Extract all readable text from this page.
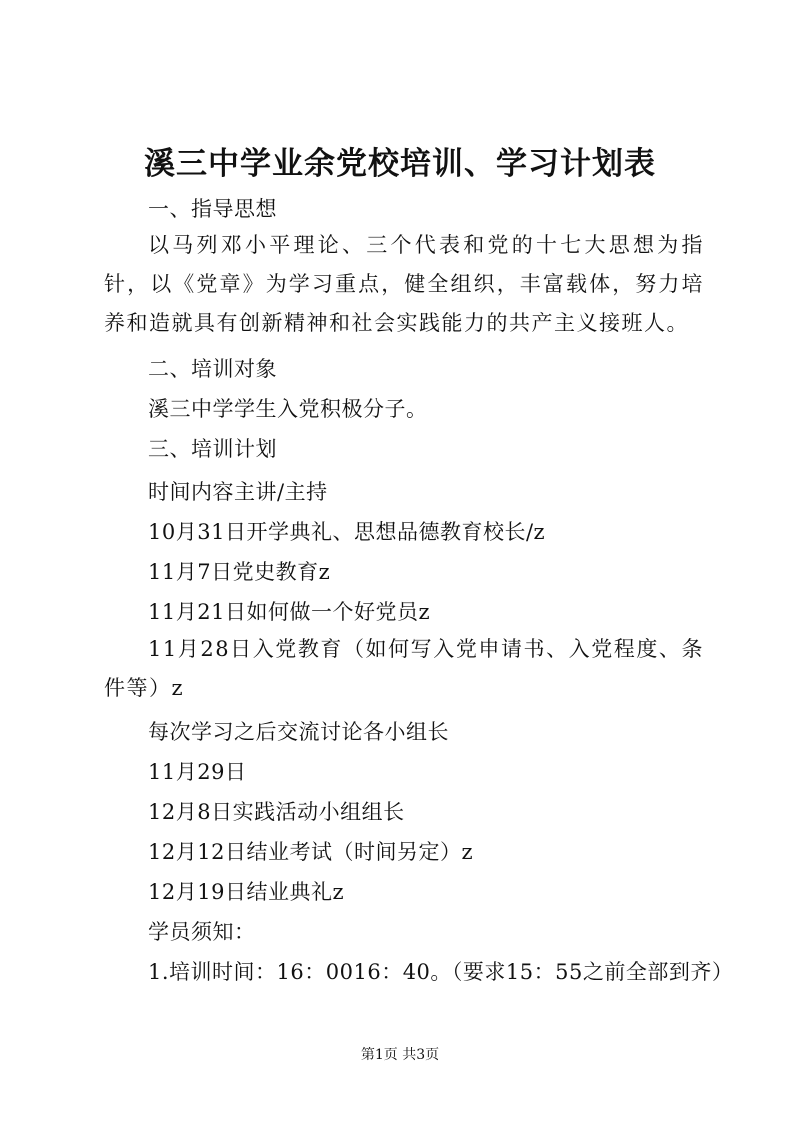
溪三中学业余党校培训、学习计划表

一、指导思想

以马列邓小平理论、三个代表和党的十七大思想为指针，以《党章》为学习重点，健全组织，丰富载体，努力培养和造就具有创新精神和社会实践能力的共产主义接班人。

二、培训对象

溪三中学学生入党积极分子。

三、培训计划

时间内容主讲/主持

10月31日开学典礼、思想品德教育校长/z

11月7日党史教育z

11月21日如何做一个好党员z

11月28日入党教育（如何写入党申请书、入党程度、条件等）z

每次学习之后交流讨论各小组长

11月29日

12月8日实践活动小组组长

12月12日结业考试（时间另定）z

12月19日结业典礼z

学员须知：

1.培训时间：16：0016：40。（要求15：55之前全部到齐）

第1页 共3页
